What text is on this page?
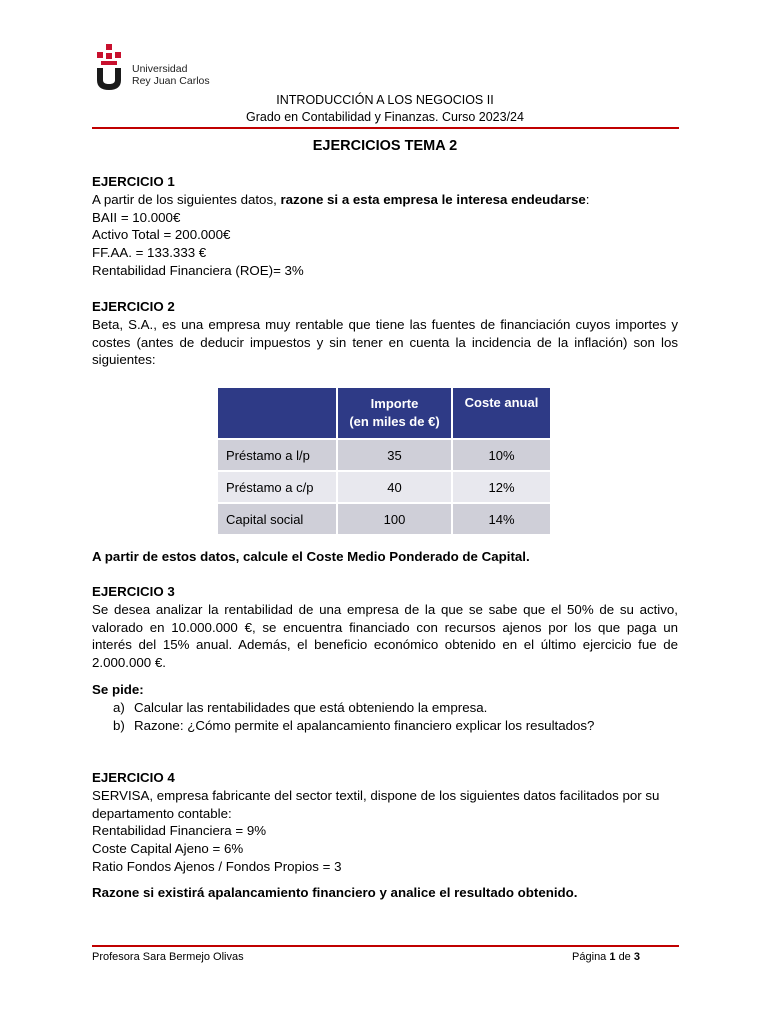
Universidad
Rey Juan Carlos
INTRODUCCIÓN A LOS NEGOCIOS II
Grado en Contabilidad y Finanzas. Curso 2023/24
EJERCICIOS TEMA 2
EJERCICIO 1
A partir de los siguientes datos, razone si a esta empresa le interesa endeudarse:
BAII = 10.000€
Activo Total = 200.000€
FF.AA. = 133.333 €
Rentabilidad Financiera (ROE)= 3%
EJERCICIO 2
Beta, S.A., es una empresa muy rentable que tiene las fuentes de financiación cuyos importes y costes (antes de deducir impuestos y sin tener en cuenta la incidencia de la inflación) son los siguientes:

	Importe
(en miles de €)	Coste anual

Préstamo a l/p	35	10%
Préstamo a c/p	40	12%
Capital social	100	14%
A partir de estos datos, calcule el Coste Medio Ponderado de Capital.
EJERCICIO 3
Se desea analizar la rentabilidad de una empresa de la que se sabe que el 50% de su activo, valorado en 10.000.000 €, se encuentra financiado con recursos ajenos por los que paga un interés del 15% anual. Además, el beneficio económico obtenido en el último ejercicio fue de 2.000.000 €.
Se pide:
a) Calcular las rentabilidades que está obteniendo la empresa.
b) Razone: ¿Cómo permite el apalancamiento financiero explicar los resultados?
EJERCICIO 4
SERVISA, empresa fabricante del sector textil, dispone de los siguientes datos facilitados por su departamento contable:
Rentabilidad Financiera = 9%
Coste Capital Ajeno = 6%
Ratio Fondos Ajenos / Fondos Propios = 3
Razone si existirá apalancamiento financiero y analice el resultado obtenido.
Profesora Sara Bermejo Olivas	Página 1 de 3
